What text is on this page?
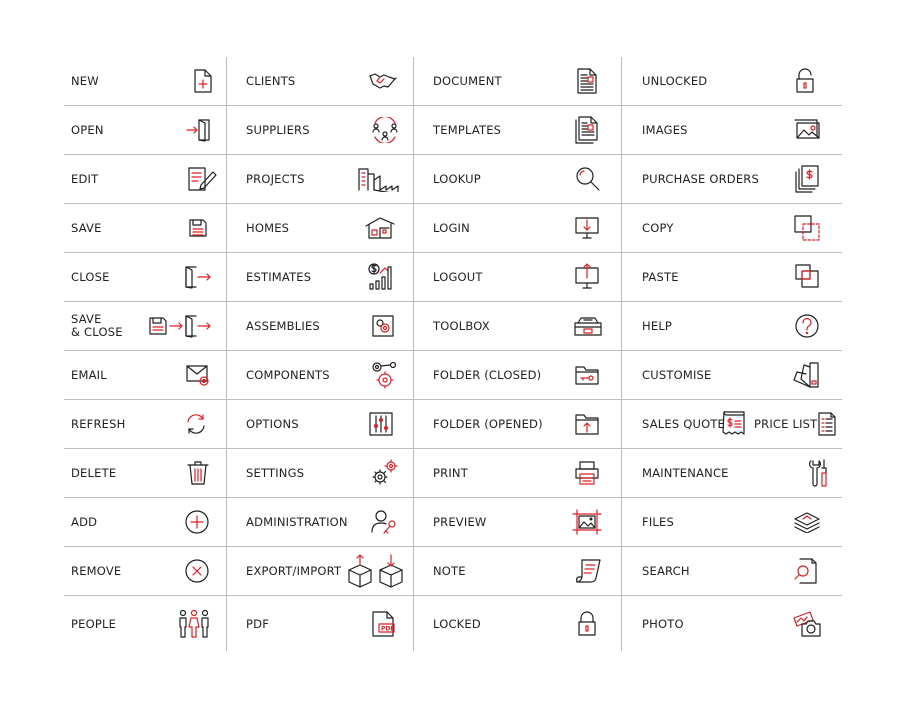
NEW
OPEN
EDIT
SAVE
CLOSE
SAVE
& CLOSE
EMAIL
REFRESH
DELETE
ADD
REMOVE
PEOPLE
CLIENTS
SUPPLIERS
PROJECTS
HOMES
ESTIMATES
ASSEMBLIES
COMPONENTS
OPTIONS
SETTINGS
ADMINISTRATION
EXPORT/IMPORT
PDF	PDF
DOCUMENT
TEMPLATES
LOOKUP
LOGIN
LOGOUT
TOOLBOX
FOLDER (CLOSED)
FOLDER (OPENED)
PRINT
PREVIEW
NOTE
LOCKED
UNLOCKED
IMAGES
PURCHASE ORDERS
COPY
PASTE
HELP
CUSTOMISE
SALES QUOTE	PRICE LIST
MAINTENANCE
FILES
SEARCH
PHOTO
